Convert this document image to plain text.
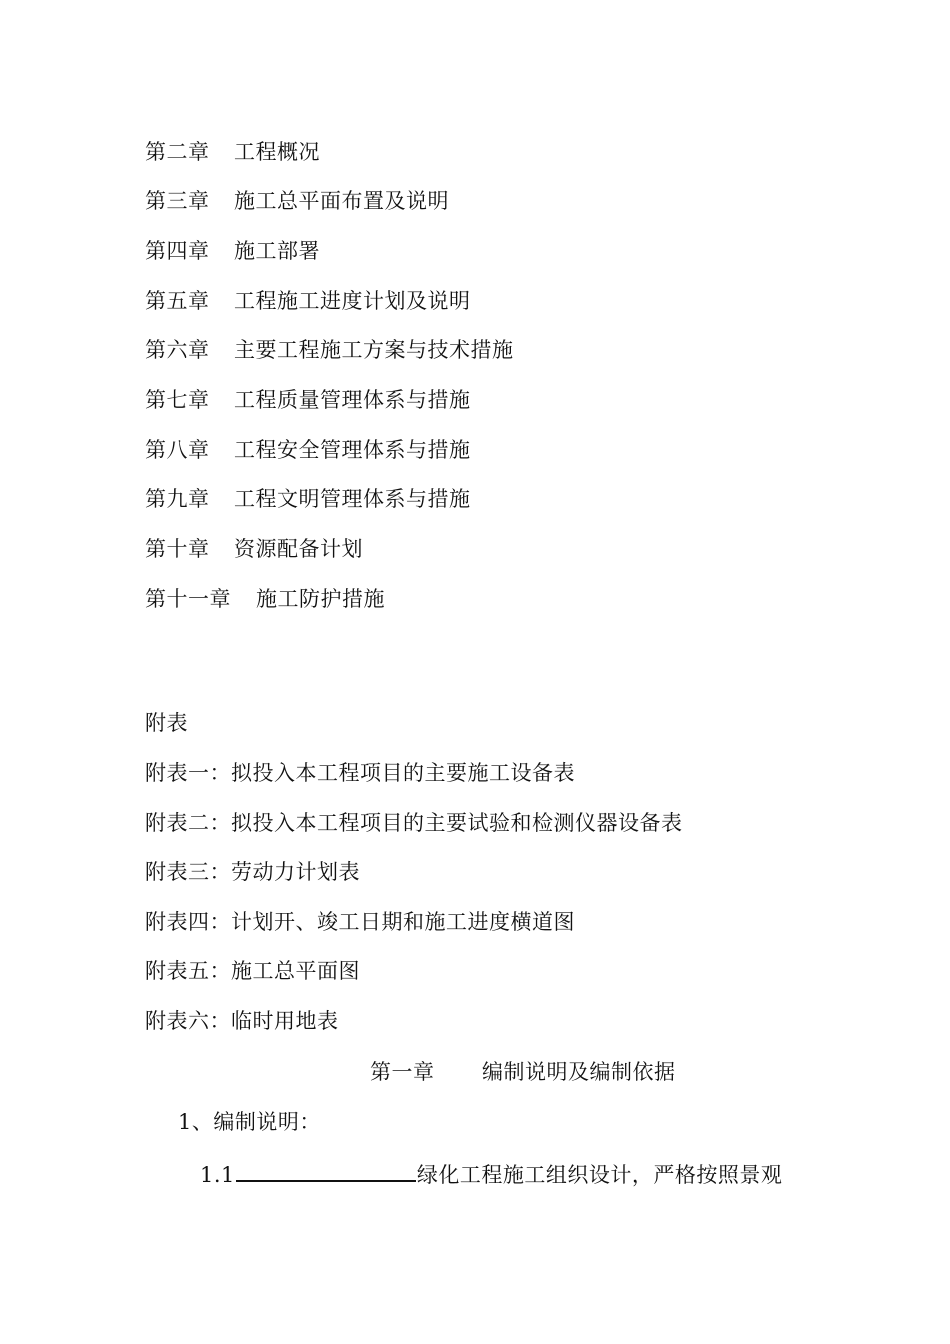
第二章 工程概况
第三章 施工总平面布置及说明
第四章 施工部署
第五章 工程施工进度计划及说明
第六章 主要工程施工方案与技术措施
第七章 工程质量管理体系与措施
第八章 工程安全管理体系与措施
第九章 工程文明管理体系与措施
第十章 资源配备计划
第十一章 施工防护措施
附表
附表一：拟投入本工程项目的主要施工设备表
附表二：拟投入本工程项目的主要试验和检测仪器设备表
附表三：劳动力计划表
附表四：计划开、竣工日期和施工进度横道图
附表五：施工总平面图
附表六：临时用地表
第一章 编制说明及编制依据
1、编制说明：
1.1	绿化工程施工组织设计，严格按照景观
